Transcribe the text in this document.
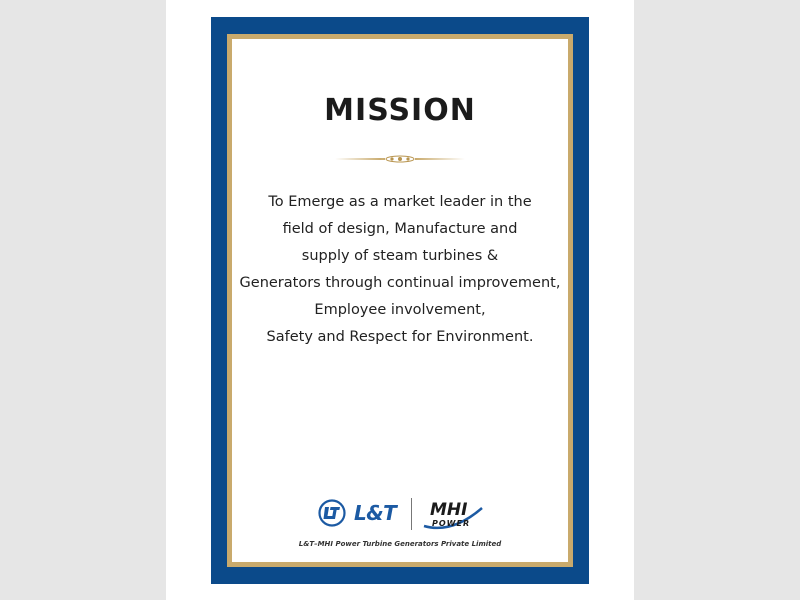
MISSION
To Emerge as a market leader in the
field of design, Manufacture and
supply of steam turbines &
Generators through continual improvement,
Employee involvement,
Safety and Respect for Environment.
L&T MHI
POWER
L&T–MHI Power Turbine Generators Private Limited
